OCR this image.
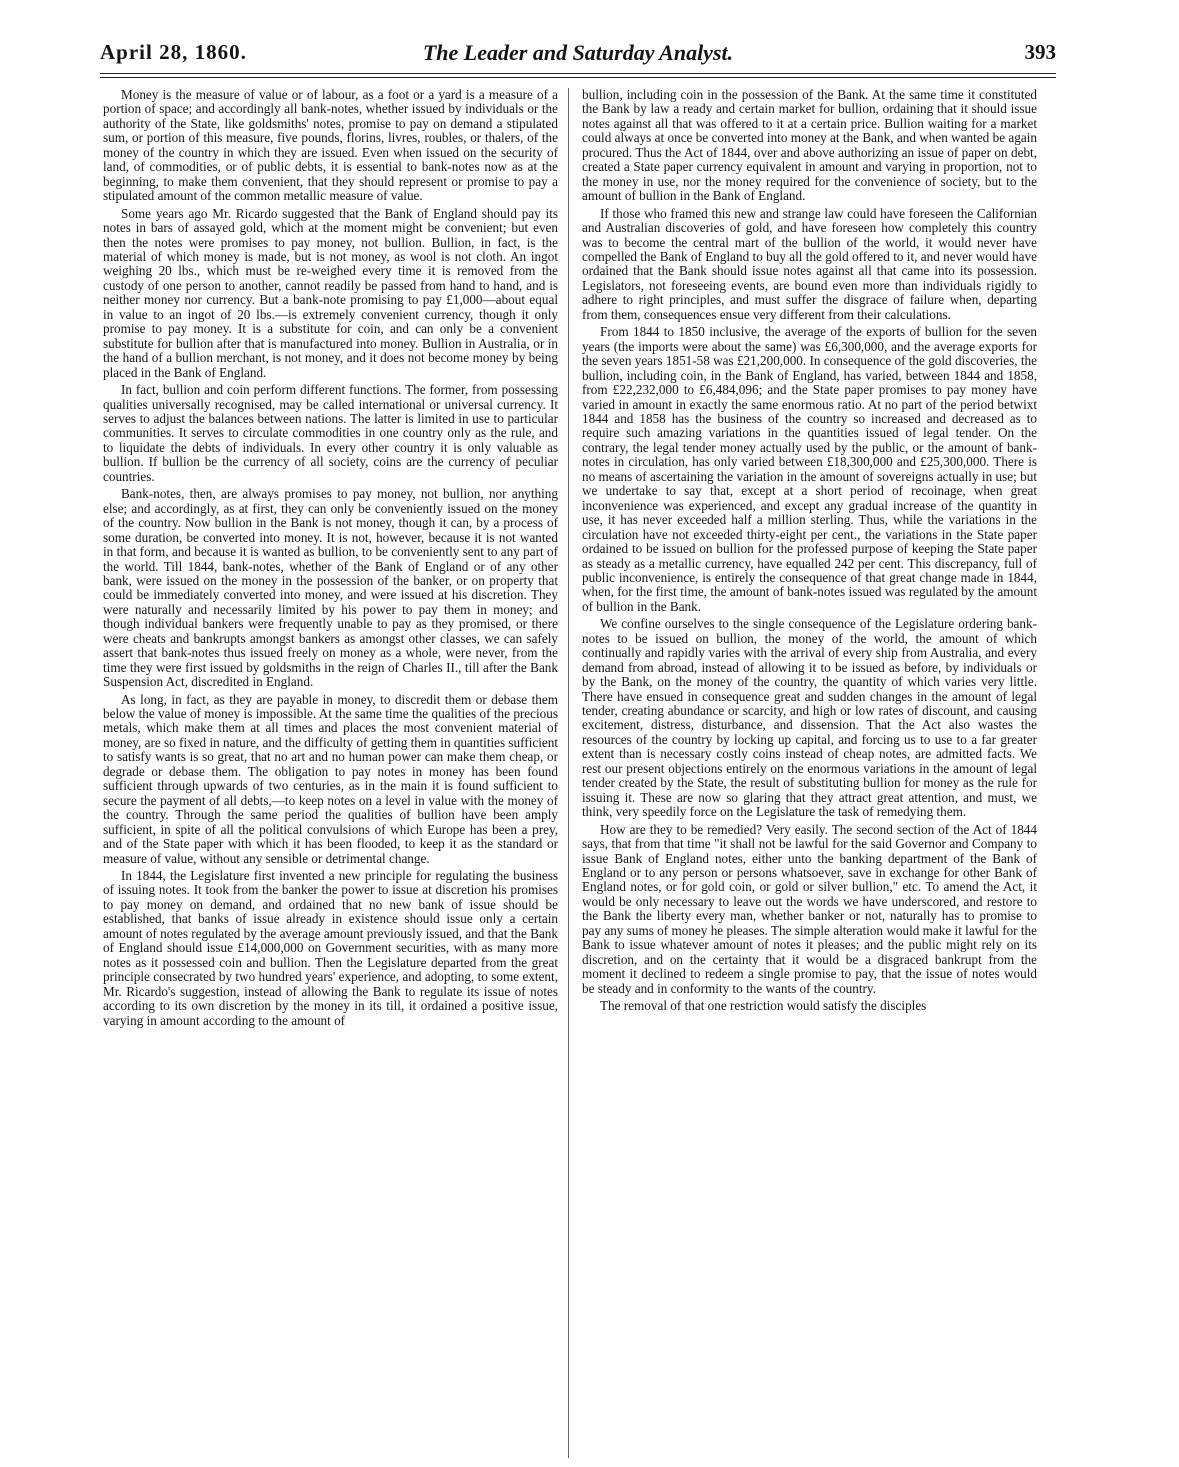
April 28, 1860.	The Leader and Saturday Analyst.	393

Money is the measure of value or of labour, as a foot or a yard is a measure of a portion of space; and accordingly all bank-notes, whether issued by individuals or the authority of the State, like goldsmiths' notes, promise to pay on demand a stipulated sum, or portion of this measure, five pounds, florins, livres, roubles, or thalers, of the money of the country in which they are issued. Even when issued on the security of land, of commodities, or of public debts, it is essential to bank-notes now as at the beginning, to make them convenient, that they should represent or promise to pay a stipulated amount of the common metallic measure of value.

Some years ago Mr. Ricardo suggested that the Bank of England should pay its notes in bars of assayed gold, which at the moment might be convenient; but even then the notes were promises to pay money, not bullion. Bullion, in fact, is the material of which money is made, but is not money, as wool is not cloth. An ingot weighing 20 lbs., which must be re-weighed every time it is removed from the custody of one person to another, cannot readily be passed from hand to hand, and is neither money nor currency. But a bank-note promising to pay £1,000—about equal in value to an ingot of 20 lbs.—is extremely convenient currency, though it only promise to pay money. It is a substitute for coin, and can only be a convenient substitute for bullion after that is manufactured into money. Bullion in Australia, or in the hand of a bullion merchant, is not money, and it does not become money by being placed in the Bank of England.

In fact, bullion and coin perform different functions. The former, from possessing qualities universally recognised, may be called international or universal currency. It serves to adjust the balances between nations. The latter is limited in use to particular communities. It serves to circulate commodities in one country only as the rule, and to liquidate the debts of individuals. In every other country it is only valuable as bullion. If bullion be the currency of all society, coins are the currency of peculiar countries.

Bank-notes, then, are always promises to pay money, not bullion, nor anything else; and accordingly, as at first, they can only be conveniently issued on the money of the country. Now bullion in the Bank is not money, though it can, by a process of some duration, be converted into money. It is not, however, because it is not wanted in that form, and because it is wanted as bullion, to be conveniently sent to any part of the world. Till 1844, bank-notes, whether of the Bank of England or of any other bank, were issued on the money in the possession of the banker, or on property that could be immediately converted into money, and were issued at his discretion. They were naturally and necessarily limited by his power to pay them in money; and though individual bankers were frequently unable to pay as they promised, or there were cheats and bankrupts amongst bankers as amongst other classes, we can safely assert that bank-notes thus issued freely on money as a whole, were never, from the time they were first issued by goldsmiths in the reign of Charles II., till after the Bank Suspension Act, discredited in England.

As long, in fact, as they are payable in money, to discredit them or debase them below the value of money is impossible. At the same time the qualities of the precious metals, which make them at all times and places the most convenient material of money, are so fixed in nature, and the difficulty of getting them in quantities sufficient to satisfy wants is so great, that no art and no human power can make them cheap, or degrade or debase them. The obligation to pay notes in money has been found sufficient through upwards of two centuries, as in the main it is found sufficient to secure the payment of all debts,—to keep notes on a level in value with the money of the country. Through the same period the qualities of bullion have been amply sufficient, in spite of all the political convulsions of which Europe has been a prey, and of the State paper with which it has been flooded, to keep it as the standard or measure of value, without any sensible or detrimental change.

In 1844, the Legislature first invented a new principle for regulating the business of issuing notes. It took from the banker the power to issue at discretion his promises to pay money on demand, and ordained that no new bank of issue should be established, that banks of issue already in existence should issue only a certain amount of notes regulated by the average amount previously issued, and that the Bank of England should issue £14,000,000 on Government securities, with as many more notes as it possessed coin and bullion. Then the Legislature departed from the great principle consecrated by two hundred years' experience, and adopting, to some extent, Mr. Ricardo's suggestion, instead of allowing the Bank to regulate its issue of notes according to its own discretion by the money in its till, it ordained a positive issue, varying in amount according to the amount of

bullion, including coin in the possession of the Bank. At the same time it constituted the Bank by law a ready and certain market for bullion, ordaining that it should issue notes against all that was offered to it at a certain price. Bullion waiting for a market could always at once be converted into money at the Bank, and when wanted be again procured. Thus the Act of 1844, over and above authorizing an issue of paper on debt, created a State paper currency equivalent in amount and varying in proportion, not to the money in use, nor the money required for the convenience of society, but to the amount of bullion in the Bank of England.

If those who framed this new and strange law could have foreseen the Californian and Australian discoveries of gold, and have foreseen how completely this country was to become the central mart of the bullion of the world, it would never have compelled the Bank of England to buy all the gold offered to it, and never would have ordained that the Bank should issue notes against all that came into its possession. Legislators, not foreseeing events, are bound even more than individuals rigidly to adhere to right principles, and must suffer the disgrace of failure when, departing from them, consequences ensue very different from their calculations.

From 1844 to 1850 inclusive, the average of the exports of bullion for the seven years (the imports were about the same) was £6,300,000, and the average exports for the seven years 1851-58 was £21,200,000. In consequence of the gold discoveries, the bullion, including coin, in the Bank of England, has varied, between 1844 and 1858, from £22,232,000 to £6,484,096; and the State paper promises to pay money have varied in amount in exactly the same enormous ratio. At no part of the period betwixt 1844 and 1858 has the business of the country so increased and decreased as to require such amazing variations in the quantities issued of legal tender. On the contrary, the legal tender money actually used by the public, or the amount of bank-notes in circulation, has only varied between £18,300,000 and £25,300,000. There is no means of ascertaining the variation in the amount of sovereigns actually in use; but we undertake to say that, except at a short period of recoinage, when great inconvenience was experienced, and except any gradual increase of the quantity in use, it has never exceeded half a million sterling. Thus, while the variations in the circulation have not exceeded thirty-eight per cent., the variations in the State paper ordained to be issued on bullion for the professed purpose of keeping the State paper as steady as a metallic currency, have equalled 242 per cent. This discrepancy, full of public inconvenience, is entirely the consequence of that great change made in 1844, when, for the first time, the amount of bank-notes issued was regulated by the amount of bullion in the Bank.

We confine ourselves to the single consequence of the Legislature ordering bank-notes to be issued on bullion, the money of the world, the amount of which continually and rapidly varies with the arrival of every ship from Australia, and every demand from abroad, instead of allowing it to be issued as before, by individuals or by the Bank, on the money of the country, the quantity of which varies very little. There have ensued in consequence great and sudden changes in the amount of legal tender, creating abundance or scarcity, and high or low rates of discount, and causing excitement, distress, disturbance, and dissension. That the Act also wastes the resources of the country by locking up capital, and forcing us to use to a far greater extent than is necessary costly coins instead of cheap notes, are admitted facts. We rest our present objections entirely on the enormous variations in the amount of legal tender created by the State, the result of substituting bullion for money as the rule for issuing it. These are now so glaring that they attract great attention, and must, we think, very speedily force on the Legislature the task of remedying them.

How are they to be remedied? Very easily. The second section of the Act of 1844 says, that from that time "it shall not be lawful for the said Governor and Company to issue Bank of England notes, either unto the banking department of the Bank of England or to any person or persons whatsoever, save in exchange for other Bank of England notes, or for gold coin, or gold or silver bullion," etc. To amend the Act, it would be only necessary to leave out the words we have underscored, and restore to the Bank the liberty every man, whether banker or not, naturally has to promise to pay any sums of money he pleases. The simple alteration would make it lawful for the Bank to issue whatever amount of notes it pleases; and the public might rely on its discretion, and on the certainty that it would be a disgraced bankrupt from the moment it declined to redeem a single promise to pay, that the issue of notes would be steady and in conformity to the wants of the country.

The removal of that one restriction would satisfy the disciples
